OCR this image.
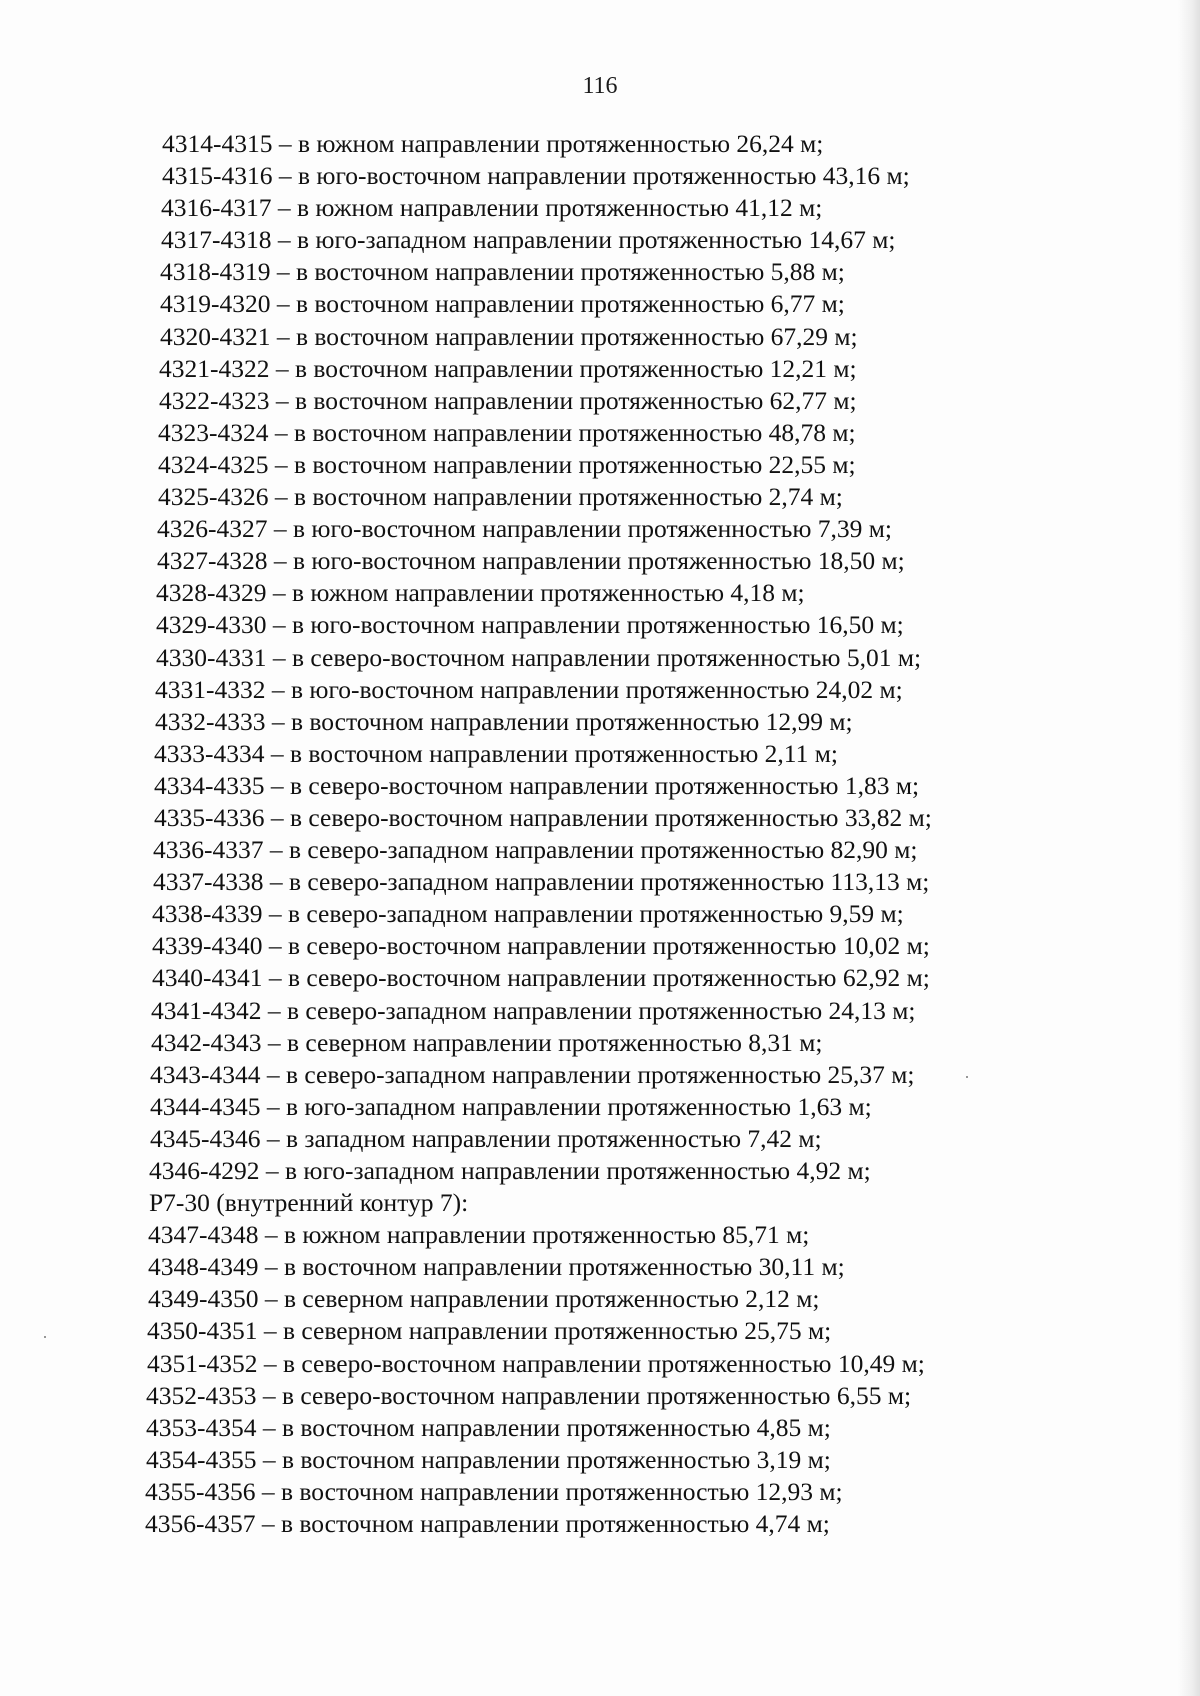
116
4314-4315 – в южном направлении протяженностью 26,24 м;
4315-4316 – в юго-восточном направлении протяженностью 43,16 м;
4316-4317 – в южном направлении протяженностью 41,12 м;
4317-4318 – в юго-западном направлении протяженностью 14,67 м;
4318-4319 – в восточном направлении протяженностью 5,88 м;
4319-4320 – в восточном направлении протяженностью 6,77 м;
4320-4321 – в восточном направлении протяженностью 67,29 м;
4321-4322 – в восточном направлении протяженностью 12,21 м;
4322-4323 – в восточном направлении протяженностью 62,77 м;
4323-4324 – в восточном направлении протяженностью 48,78 м;
4324-4325 – в восточном направлении протяженностью 22,55 м;
4325-4326 – в восточном направлении протяженностью 2,74 м;
4326-4327 – в юго-восточном направлении протяженностью 7,39 м;
4327-4328 – в юго-восточном направлении протяженностью 18,50 м;
4328-4329 – в южном направлении протяженностью 4,18 м;
4329-4330 – в юго-восточном направлении протяженностью 16,50 м;
4330-4331 – в северо-восточном направлении протяженностью 5,01 м;
4331-4332 – в юго-восточном направлении протяженностью 24,02 м;
4332-4333 – в восточном направлении протяженностью 12,99 м;
4333-4334 – в восточном направлении протяженностью 2,11 м;
4334-4335 – в северо-восточном направлении протяженностью 1,83 м;
4335-4336 – в северо-восточном направлении протяженностью 33,82 м;
4336-4337 – в северо-западном направлении протяженностью 82,90 м;
4337-4338 – в северо-западном направлении протяженностью 113,13 м;
4338-4339 – в северо-западном направлении протяженностью 9,59 м;
4339-4340 – в северо-восточном направлении протяженностью 10,02 м;
4340-4341 – в северо-восточном направлении протяженностью 62,92 м;
4341-4342 – в северо-западном направлении протяженностью 24,13 м;
4342-4343 – в северном направлении протяженностью 8,31 м;
4343-4344 – в северо-западном направлении протяженностью 25,37 м;
4344-4345 – в юго-западном направлении протяженностью 1,63 м;
4345-4346 – в западном направлении протяженностью 7,42 м;
4346-4292 – в юго-западном направлении протяженностью 4,92 м;
Р7-30 (внутренний контур 7):
4347-4348 – в южном направлении протяженностью 85,71 м;
4348-4349 – в восточном направлении протяженностью 30,11 м;
4349-4350 – в северном направлении протяженностью 2,12 м;
4350-4351 – в северном направлении протяженностью 25,75 м;
4351-4352 – в северо-восточном направлении протяженностью 10,49 м;
4352-4353 – в северо-восточном направлении протяженностью 6,55 м;
4353-4354 – в восточном направлении протяженностью 4,85 м;
4354-4355 – в восточном направлении протяженностью 3,19 м;
4355-4356 – в восточном направлении протяженностью 12,93 м;
4356-4357 – в восточном направлении протяженностью 4,74 м;
